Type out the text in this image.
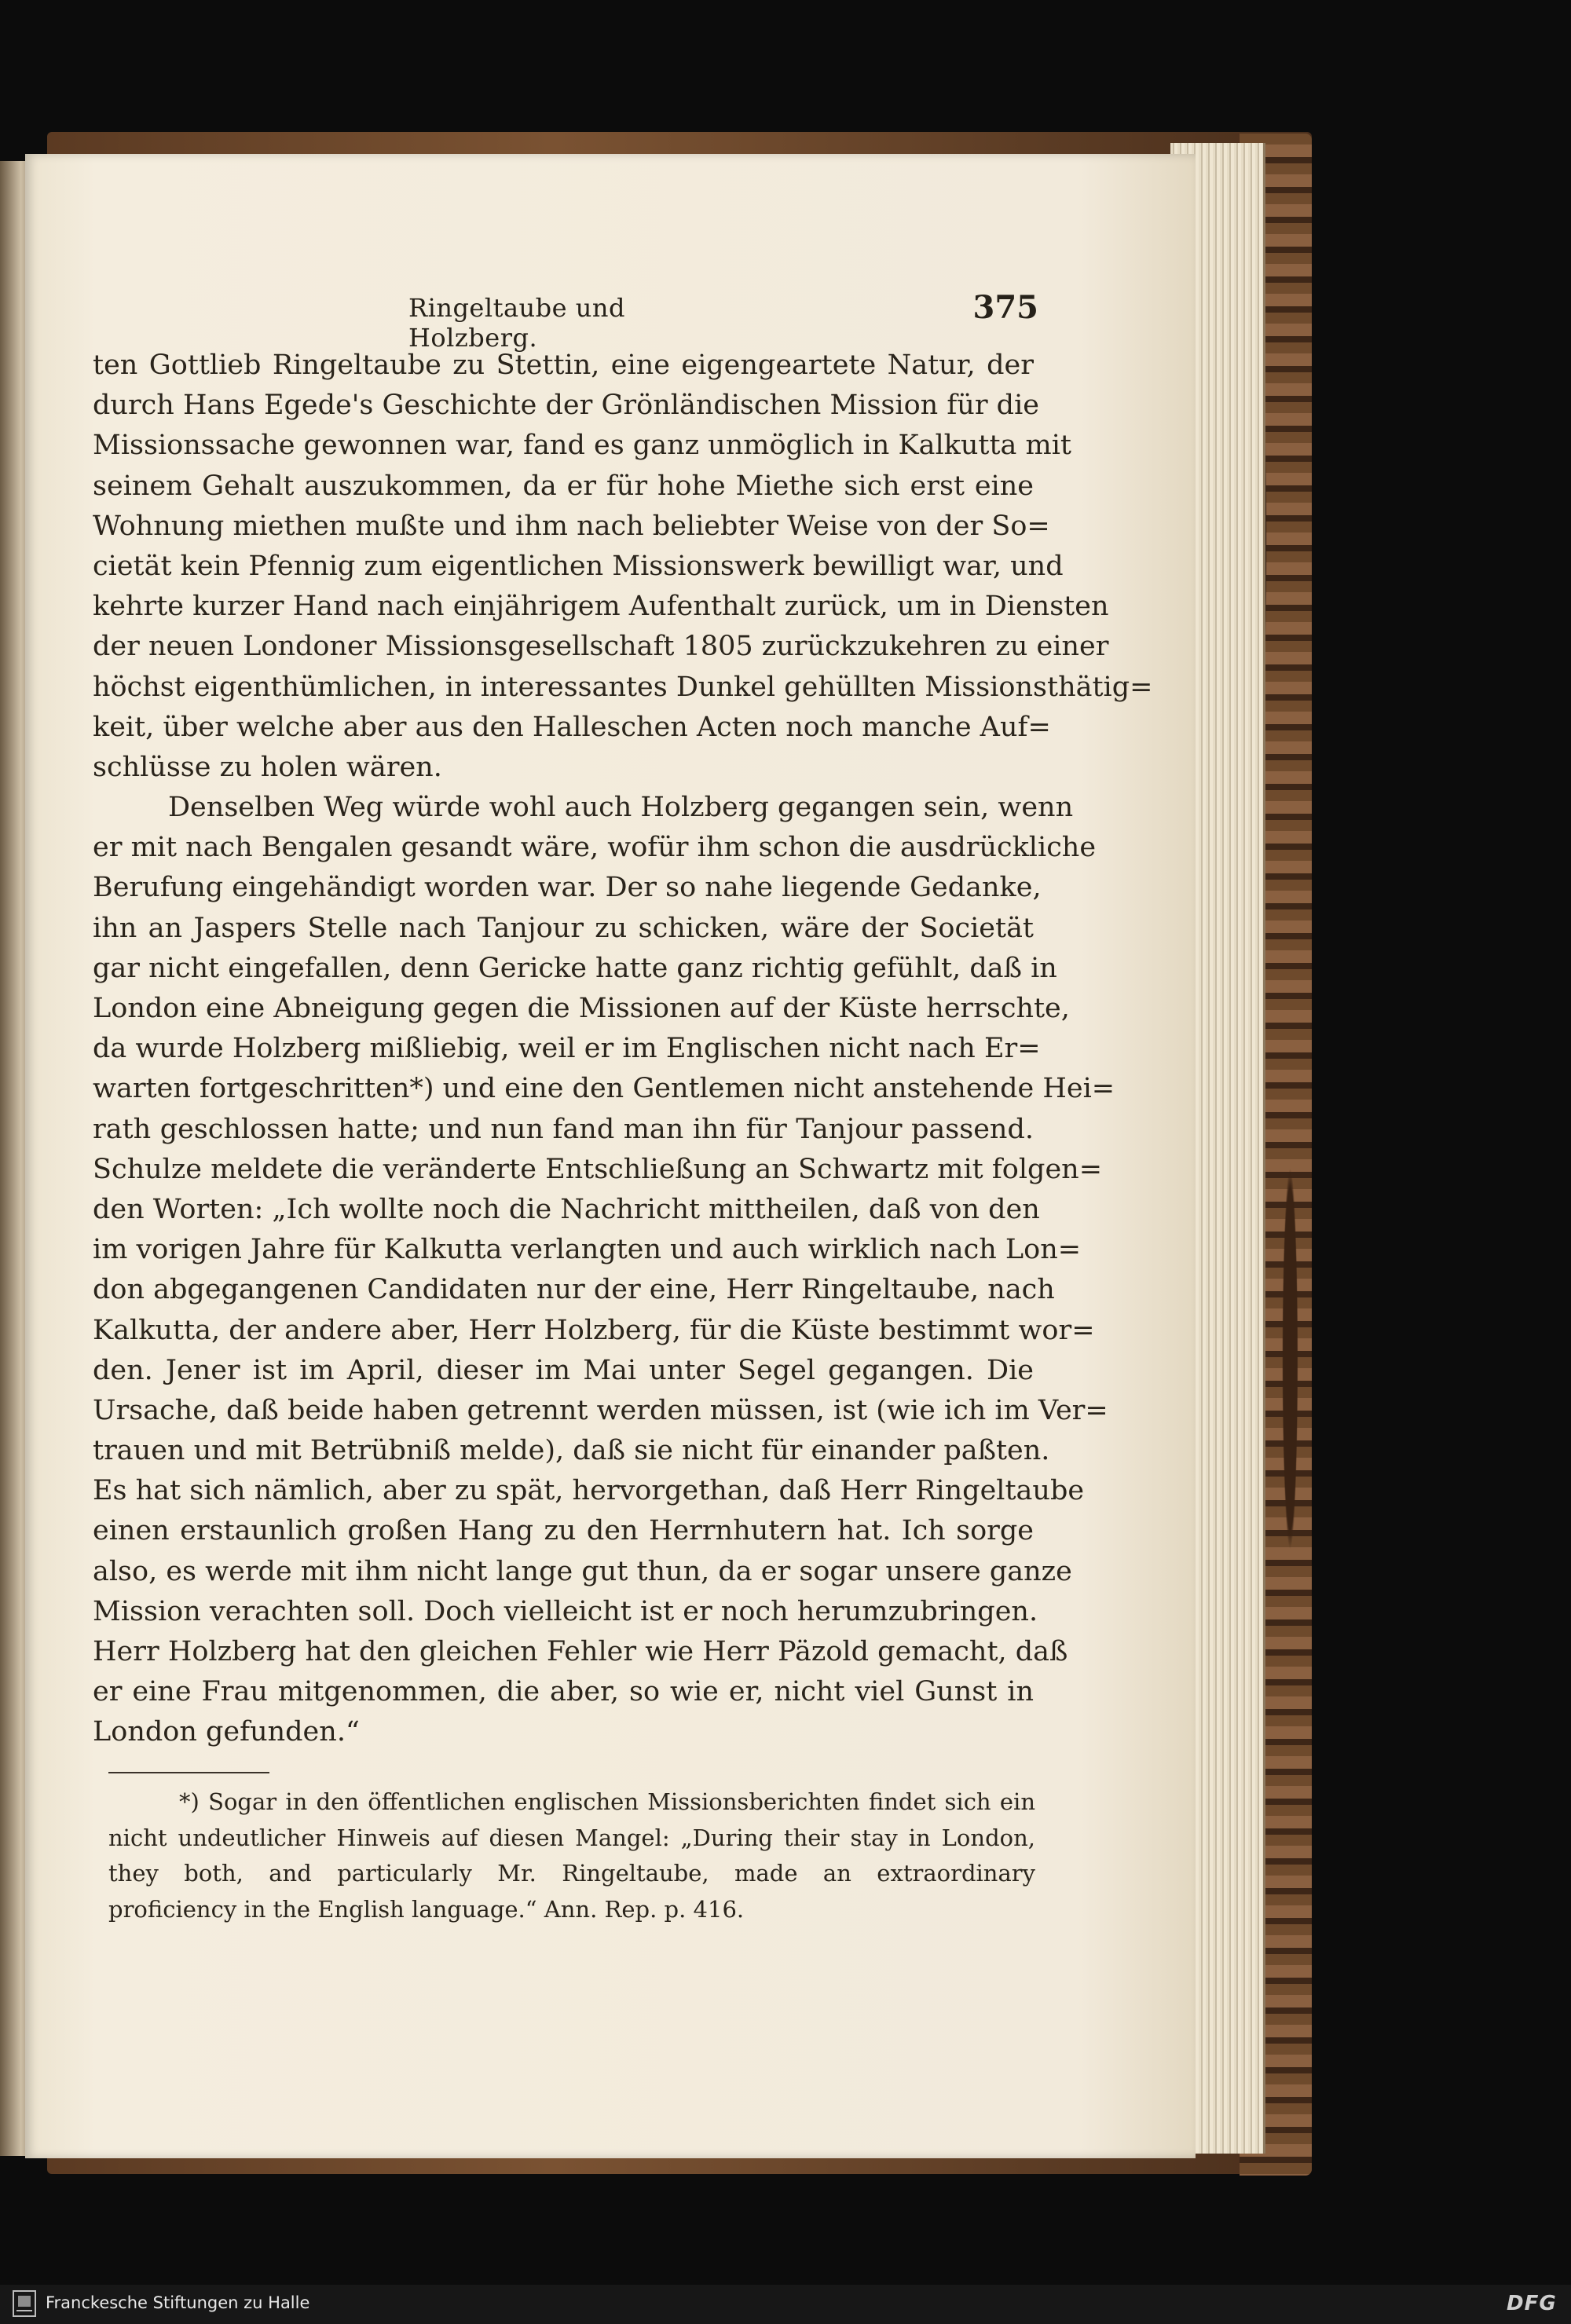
Ringeltaube und Holzberg.
375
ten Gottlieb Ringeltaube zu Stettin, eine eigengeartete Natur, der
durch Hans Egede's Geschichte der Grönländischen Mission für die
Missionssache gewonnen war, fand es ganz unmöglich in Kalkutta mit
seinem Gehalt auszukommen, da er für hohe Miethe sich erst eine
Wohnung miethen mußte und ihm nach beliebter Weise von der So=
cietät kein Pfennig zum eigentlichen Missionswerk bewilligt war, und
kehrte kurzer Hand nach einjährigem Aufenthalt zurück, um in Diensten
der neuen Londoner Missionsgesellschaft 1805 zurückzukehren zu einer
höchst eigenthümlichen, in interessantes Dunkel gehüllten Missionsthätig=
keit, über welche aber aus den Halleschen Acten noch manche Auf=
schlüsse zu holen wären.
Denselben Weg würde wohl auch Holzberg gegangen sein, wenn
er mit nach Bengalen gesandt wäre, wofür ihm schon die ausdrückliche
Berufung eingehändigt worden war. Der so nahe liegende Gedanke,
ihn an Jaspers Stelle nach Tanjour zu schicken, wäre der Societät
gar nicht eingefallen, denn Gericke hatte ganz richtig gefühlt, daß in
London eine Abneigung gegen die Missionen auf der Küste herrschte,
da wurde Holzberg mißliebig, weil er im Englischen nicht nach Er=
warten fortgeschritten*) und eine den Gentlemen nicht anstehende Hei=
rath geschlossen hatte; und nun fand man ihn für Tanjour passend.
Schulze meldete die veränderte Entschließung an Schwartz mit folgen=
den Worten: „Ich wollte noch die Nachricht mittheilen, daß von den
im vorigen Jahre für Kalkutta verlangten und auch wirklich nach Lon=
don abgegangenen Candidaten nur der eine, Herr Ringeltaube, nach
Kalkutta, der andere aber, Herr Holzberg, für die Küste bestimmt wor=
den. Jener ist im April, dieser im Mai unter Segel gegangen. Die
Ursache, daß beide haben getrennt werden müssen, ist (wie ich im Ver=
trauen und mit Betrübniß melde), daß sie nicht für einander paßten.
Es hat sich nämlich, aber zu spät, hervorgethan, daß Herr Ringeltaube
einen erstaunlich großen Hang zu den Herrnhutern hat. Ich sorge
also, es werde mit ihm nicht lange gut thun, da er sogar unsere ganze
Mission verachten soll. Doch vielleicht ist er noch herumzubringen.
Herr Holzberg hat den gleichen Fehler wie Herr Päzold gemacht, daß
er eine Frau mitgenommen, die aber, so wie er, nicht viel Gunst in
London gefunden.“
*) Sogar in den öffentlichen englischen Missionsberichten findet sich ein
nicht undeutlicher Hinweis auf diesen Mangel: „During their stay in London,
they both, and particularly Mr. Ringeltaube, made an extraordinary
proficiency in the English language.“ Ann. Rep. p. 416.
Franckesche Stiftungen zu Halle	DFG
